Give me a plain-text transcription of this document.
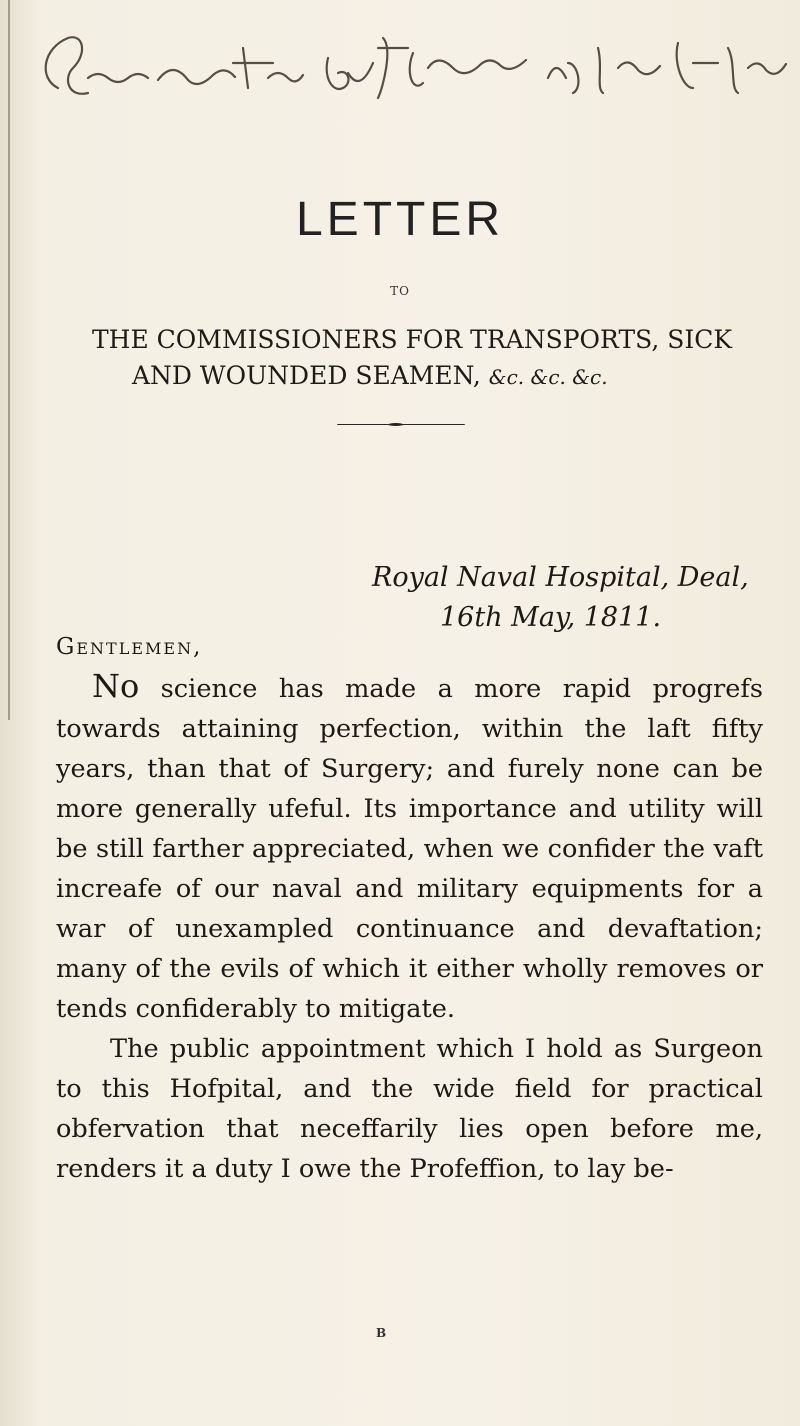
LETTER
TO
THE COMMISSIONERS FOR TRANSPORTS, SICK
AND WOUNDED SEAMEN, &c. &c. &c.
Royal Naval Hospital, Deal,
16th May, 1811.
Gentlemen,

No science has made a more rapid progrefs towards attaining perfection, within the laft fifty years, than that of Surgery; and furely none can be more generally ufeful. Its importance and utility will be still farther appreciated, when we confider the vaft increafe of our naval and military equipments for a war of unexampled continuance and devaftation; many of the evils of which it either wholly removes or tends confiderably to mitigate.

The public appointment which I hold as Surgeon to this Hofpital, and the wide field for practical obfervation that neceffarily lies open before me, renders it a duty I owe the Profeffion, to lay be-

B
